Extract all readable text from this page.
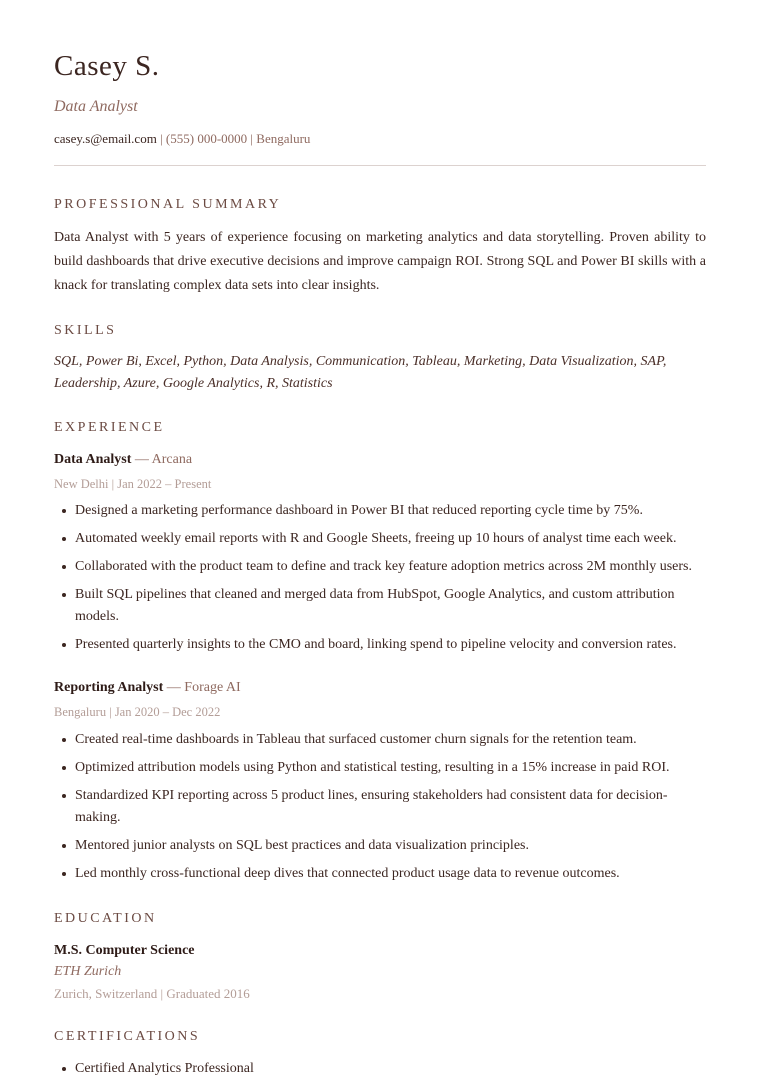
Casey S.
Data Analyst
casey.s@email.com | (555) 000-0000 | Bengaluru
PROFESSIONAL SUMMARY
Data Analyst with 5 years of experience focusing on marketing analytics and data storytelling. Proven ability to build dashboards that drive executive decisions and improve campaign ROI. Strong SQL and Power BI skills with a knack for translating complex data sets into clear insights.
SKILLS
SQL, Power Bi, Excel, Python, Data Analysis, Communication, Tableau, Marketing, Data Visualization, SAP, Leadership, Azure, Google Analytics, R, Statistics
EXPERIENCE
Data Analyst — Arcana
New Delhi | Jan 2022 – Present
Designed a marketing performance dashboard in Power BI that reduced reporting cycle time by 75%.
Automated weekly email reports with R and Google Sheets, freeing up 10 hours of analyst time each week.
Collaborated with the product team to define and track key feature adoption metrics across 2M monthly users.
Built SQL pipelines that cleaned and merged data from HubSpot, Google Analytics, and custom attribution models.
Presented quarterly insights to the CMO and board, linking spend to pipeline velocity and conversion rates.
Reporting Analyst — Forage AI
Bengaluru | Jan 2020 – Dec 2022
Created real-time dashboards in Tableau that surfaced customer churn signals for the retention team.
Optimized attribution models using Python and statistical testing, resulting in a 15% increase in paid ROI.
Standardized KPI reporting across 5 product lines, ensuring stakeholders had consistent data for decision-making.
Mentored junior analysts on SQL best practices and data visualization principles.
Led monthly cross-functional deep dives that connected product usage data to revenue outcomes.
EDUCATION
M.S. Computer Science
ETH Zurich
Zurich, Switzerland | Graduated 2016
CERTIFICATIONS
Certified Analytics Professional
